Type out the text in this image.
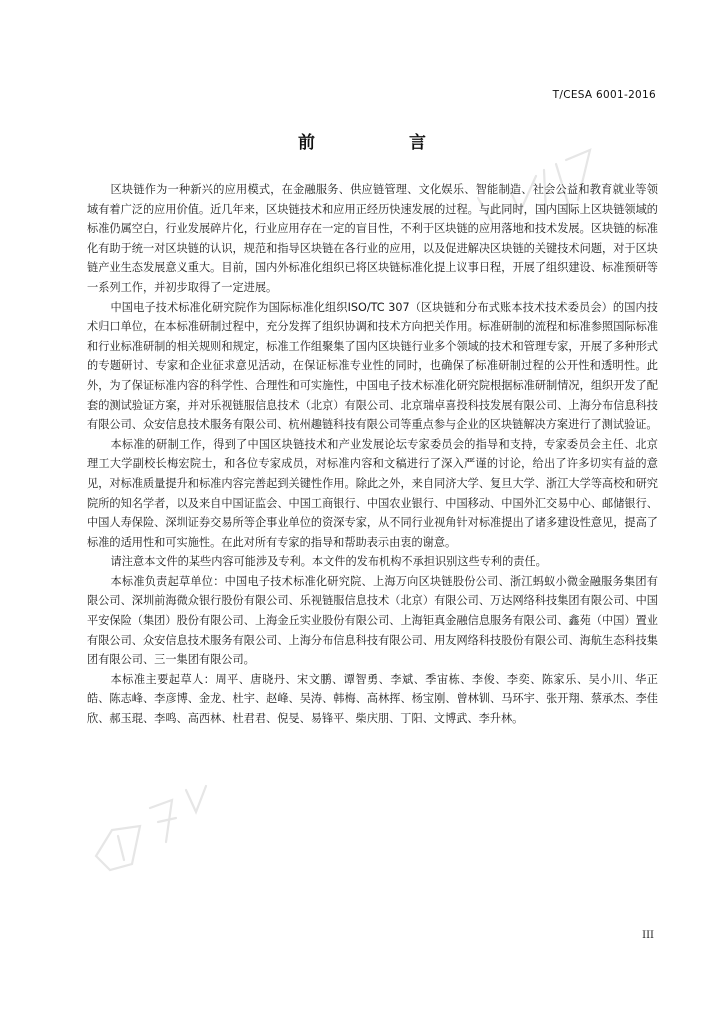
T/CESA 6001-2016
前 言

区块链作为一种新兴的应用模式，在金融服务、供应链管理、文化娱乐、智能制造、社会公益和教育就业等领域有着广泛的应用价值。近几年来，区块链技术和应用正经历快速发展的过程。与此同时，国内国际上区块链领域的标准仍属空白，行业发展碎片化，行业应用存在一定的盲目性，不利于区块链的应用落地和技术发展。区块链的标准化有助于统一对区块链的认识，规范和指导区块链在各行业的应用，以及促进解决区块链的关键技术问题，对于区块链产业生态发展意义重大。目前，国内外标准化组织已将区块链标准化提上议事日程，开展了组织建设、标准预研等一系列工作，并初步取得了一定进展。

中国电子技术标准化研究院作为国际标准化组织ISO/TC 307（区块链和分布式账本技术技术委员会）的国内技术归口单位，在本标准研制过程中，充分发挥了组织协调和技术方向把关作用。标准研制的流程和标准参照国际标准和行业标准研制的相关规则和规定，标准工作组聚集了国内区块链行业多个领域的技术和管理专家，开展了多种形式的专题研讨、专家和企业征求意见活动，在保证标准专业性的同时，也确保了标准研制过程的公开性和透明性。此外，为了保证标准内容的科学性、合理性和可实施性，中国电子技术标准化研究院根据标准研制情况，组织开发了配套的测试验证方案，并对乐视链服信息技术（北京）有限公司、北京瑞卓喜投科技发展有限公司、上海分布信息科技有限公司、众安信息技术服务有限公司、杭州趣链科技有限公司等重点参与企业的区块链解决方案进行了测试验证。

本标准的研制工作，得到了中国区块链技术和产业发展论坛专家委员会的指导和支持，专家委员会主任、北京理工大学副校长梅宏院士，和各位专家成员，对标准内容和文稿进行了深入严谨的讨论，给出了许多切实有益的意见，对标准质量提升和标准内容完善起到关键性作用。除此之外，来自同济大学、复旦大学、浙江大学等高校和研究院所的知名学者，以及来自中国证监会、中国工商银行、中国农业银行、中国移动、中国外汇交易中心、邮储银行、中国人寿保险、深圳证券交易所等企事业单位的资深专家，从不同行业视角针对标准提出了诸多建设性意见，提高了标准的适用性和可实施性。在此对所有专家的指导和帮助表示由衷的谢意。

请注意本文件的某些内容可能涉及专利。本文件的发布机构不承担识别这些专利的责任。

本标准负责起草单位：中国电子技术标准化研究院、上海万向区块链股份公司、浙江蚂蚁小微金融服务集团有限公司、深圳前海微众银行股份有限公司、乐视链服信息技术（北京）有限公司、万达网络科技集团有限公司、中国平安保险（集团）股份有限公司、上海金丘实业股份有限公司、上海钜真金融信息服务有限公司、鑫苑（中国）置业有限公司、众安信息技术服务有限公司、上海分布信息科技有限公司、用友网络科技股份有限公司、海航生态科技集团有限公司、三一集团有限公司。

本标准主要起草人：周平、唐晓丹、宋文鹏、谭智勇、李斌、季宙栋、李俊、李奕、陈家乐、吴小川、华正皓、陈志峰、李彦博、金龙、杜宇、赵峰、吴涛、韩梅、高林挥、杨宝刚、曾林钏、马环宇、张开翔、蔡承杰、李佳欣、郝玉琨、李鸣、高西林、杜君君、倪旻、易锋平、柴庆朋、丁阳、文博武、李升林。

III
